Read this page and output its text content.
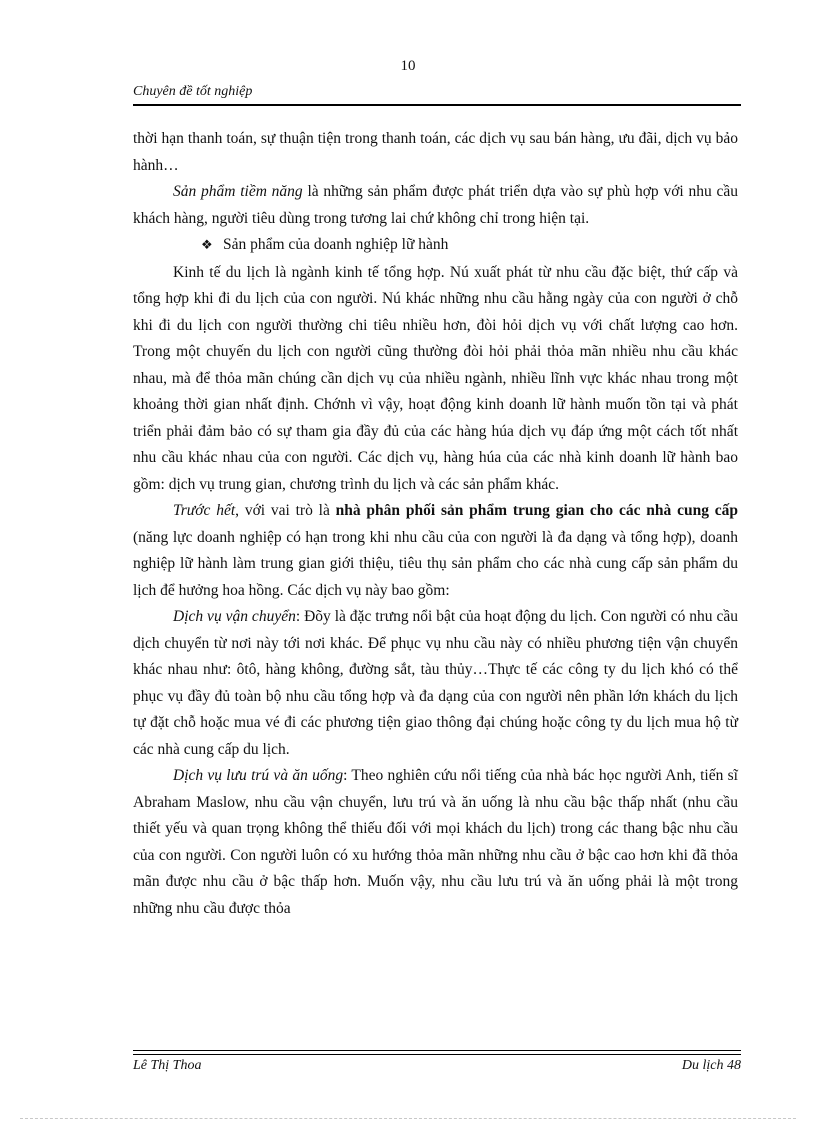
10
Chuyên đề tốt nghiệp

thời hạn thanh toán, sự thuận tiện trong thanh toán, các dịch vụ sau bán hàng, ưu đãi, dịch vụ bảo hành…

Sản phẩm tiềm năng là những sản phẩm được phát triển dựa vào sự phù hợp với nhu cầu khách hàng, người tiêu dùng trong tương lai chứ không chỉ trong hiện tại.

❖ Sản phẩm của doanh nghiệp lữ hành

Kinh tế du lịch là ngành kinh tế tổng hợp. Nú xuất phát từ nhu cầu đặc biệt, thứ cấp và tổng hợp khi đi du lịch của con người. Nú khác những nhu cầu hằng ngày của con người ở chỗ khi đi du lịch con người thường chi tiêu nhiều hơn, đòi hỏi dịch vụ với chất lượng cao hơn. Trong một chuyến du lịch con người cũng thường đòi hỏi phải thỏa mãn nhiều nhu cầu khác nhau, mà để thỏa mãn chúng cần dịch vụ của nhiều ngành, nhiều lĩnh vực khác nhau trong một khoảng thời gian nhất định. Chớnh vì vậy, hoạt động kinh doanh lữ hành muốn tồn tại và phát triển phải đảm bảo có sự tham gia đầy đủ của các hàng húa dịch vụ đáp ứng một cách tốt nhất nhu cầu khác nhau của con người. Các dịch vụ, hàng húa của các nhà kinh doanh lữ hành bao gồm: dịch vụ trung gian, chương trình du lịch và các sản phẩm khác.

Trước hết, với vai trò là nhà phân phối sản phẩm trung gian cho các nhà cung cấp (năng lực doanh nghiệp có hạn trong khi nhu cầu của con người là đa dạng và tổng hợp), doanh nghiệp lữ hành làm trung gian giới thiệu, tiêu thụ sản phẩm cho các nhà cung cấp sản phẩm du lịch để hưởng hoa hồng. Các dịch vụ này bao gồm:

Dịch vụ vận chuyển: Đõy là đặc trưng nổi bật của hoạt động du lịch. Con người có nhu cầu dịch chuyển từ nơi này tới nơi khác. Để phục vụ nhu cầu này có nhiều phương tiện vận chuyển khác nhau như: ôtô, hàng không, đường sắt, tàu thủy…Thực tế các công ty du lịch khó có thể phục vụ đầy đủ toàn bộ nhu cầu tổng hợp và đa dạng của con người nên phần lớn khách du lịch tự đặt chỗ hoặc mua vé đi các phương tiện giao thông đại chúng hoặc công ty du lịch mua hộ từ các nhà cung cấp du lịch.

Dịch vụ lưu trú và ăn uống: Theo nghiên cứu nổi tiếng của nhà bác học người Anh, tiến sĩ Abraham Maslow, nhu cầu vận chuyển, lưu trú và ăn uống là nhu cầu bậc thấp nhất (nhu cầu thiết yếu và quan trọng không thể thiếu đối với mọi khách du lịch) trong các thang bậc nhu cầu của con người. Con người luôn có xu hướng thỏa mãn những nhu cầu ở bậc cao hơn khi đã thỏa mãn được nhu cầu ở bậc thấp hơn. Muốn vậy, nhu cầu lưu trú và ăn uống phải là một trong những nhu cầu được thỏa

Lê Thị Thoa	Du lịch 48
